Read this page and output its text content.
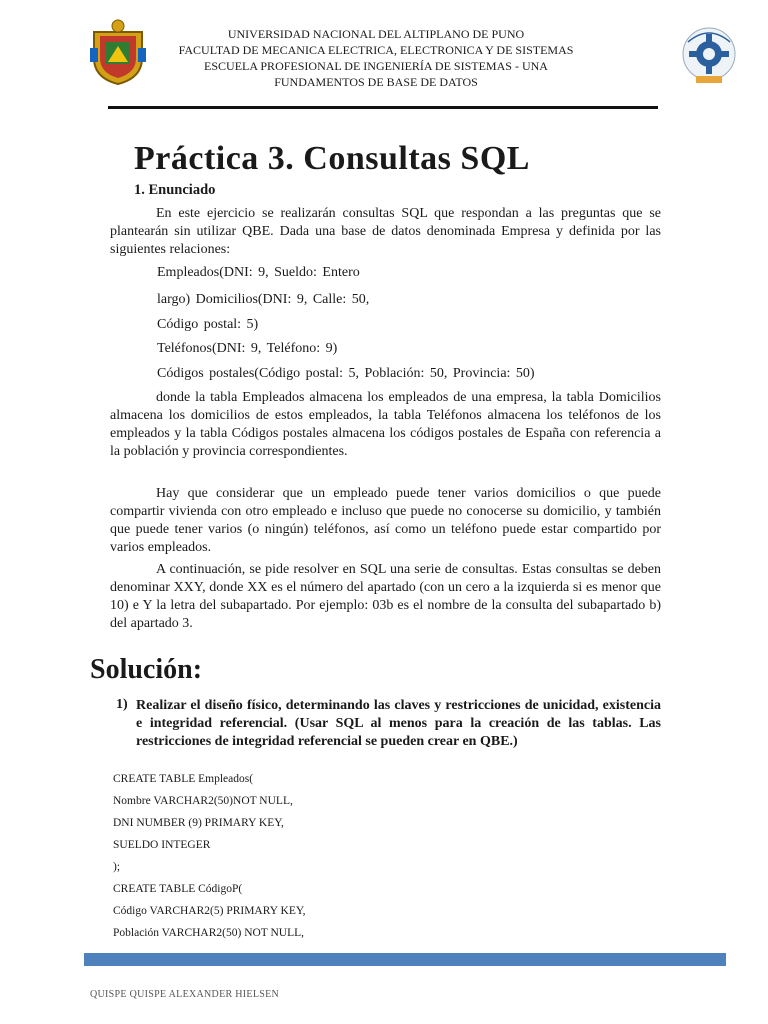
UNIVERSIDAD NACIONAL DEL ALTIPLANO DE PUNO
FACULTAD DE MECANICA ELECTRICA, ELECTRONICA Y DE SISTEMAS
ESCUELA PROFESIONAL DE INGENIERÍA DE SISTEMAS - UNA
FUNDAMENTOS DE BASE DE DATOS
Práctica 3. Consultas SQL
1. Enunciado
En este ejercicio se realizarán consultas SQL que respondan a las preguntas que se plantearán sin utilizar QBE. Dada una base de datos denominada Empresa y definida por las siguientes relaciones:
Empleados(DNI: 9, Sueldo: Entero
largo) Domicilios(DNI: 9, Calle: 50,
Código postal: 5)
Teléfonos(DNI: 9, Teléfono: 9)
Códigos postales(Código postal: 5, Población: 50, Provincia: 50)
donde la tabla Empleados almacena los empleados de una empresa, la tabla Domicilios almacena los domicilios de estos empleados, la tabla Teléfonos almacena los teléfonos de los empleados y la tabla Códigos postales almacena los códigos postales de España con referencia a la población y provincia correspondientes.
Hay que considerar que un empleado puede tener varios domicilios o que puede compartir vivienda con otro empleado e incluso que puede no conocerse su domicilio, y también que puede tener varios (o ningún) teléfonos, así como un teléfono puede estar compartido por varios empleados.
A continuación, se pide resolver en SQL una serie de consultas. Estas consultas se deben denominar XXY, donde XX es el número del apartado (con un cero a la izquierda si es menor que 10) e Y la letra del subapartado. Por ejemplo: 03b es el nombre de la consulta del subapartado b) del apartado 3.
Solución:
1) Realizar el diseño físico, determinando las claves y restricciones de unicidad, existencia e integridad referencial. (Usar SQL al menos para la creación de las tablas. Las restricciones de integridad referencial se pueden crear en QBE.)
CREATE TABLE Empleados(
Nombre VARCHAR2(50)NOT NULL,
DNI NUMBER (9) PRIMARY KEY,
SUELDO INTEGER
);
CREATE TABLE CódigoP(
Código VARCHAR2(5) PRIMARY KEY,
Población VARCHAR2(50) NOT NULL,
QUISPE QUISPE ALEXANDER HIELSEN
